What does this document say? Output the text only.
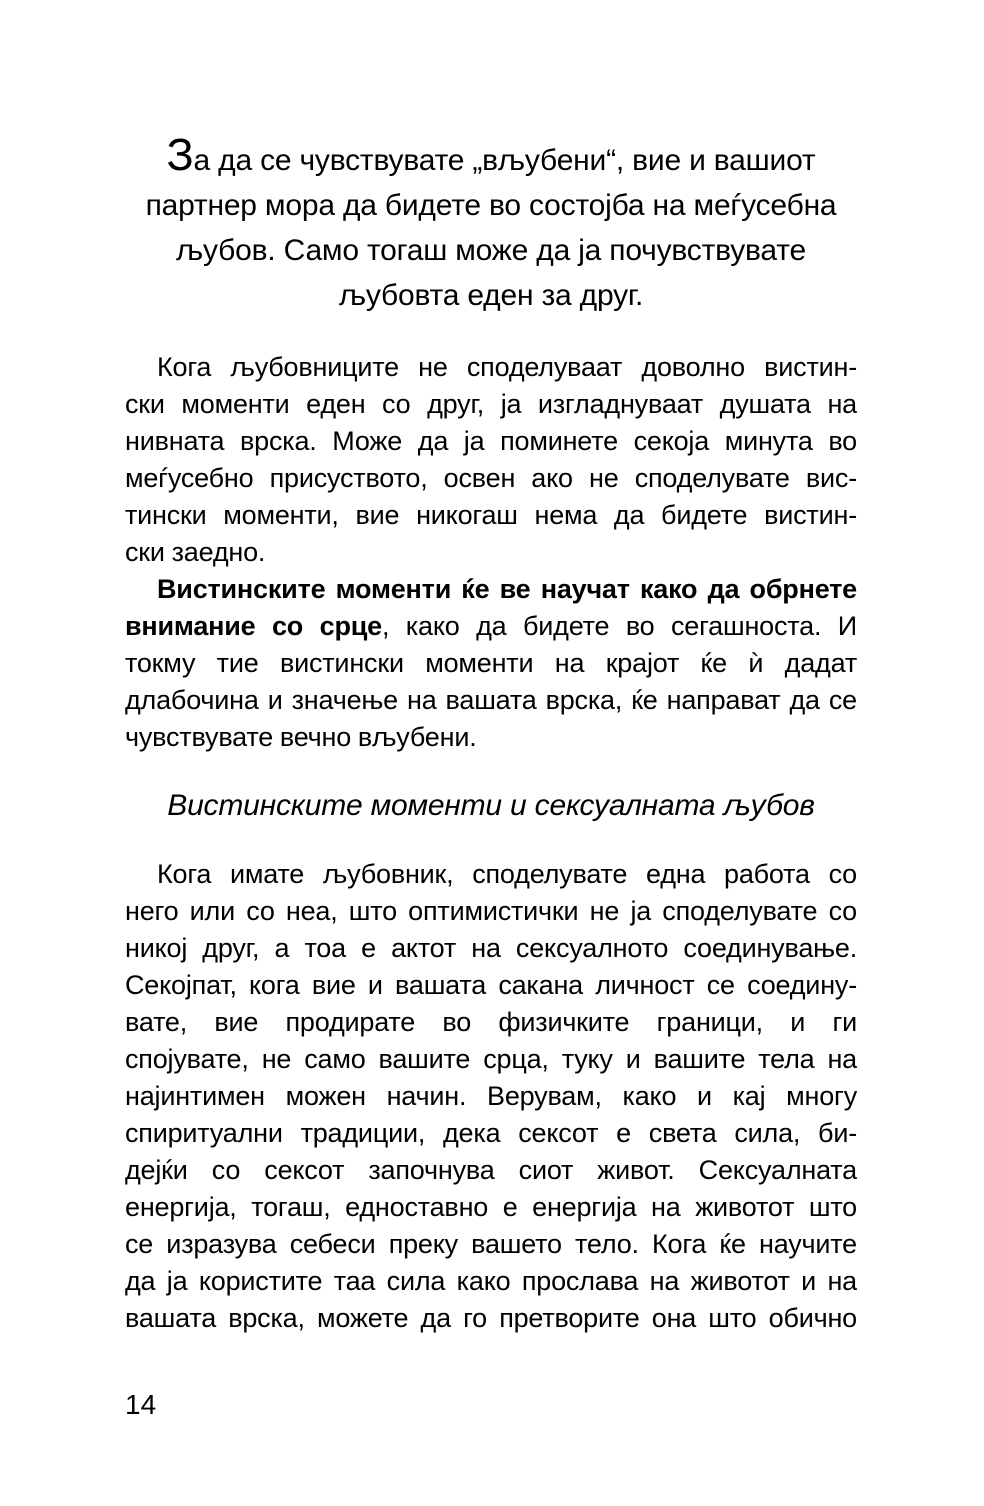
За да се чувствувате „вљубени“, вие и вашиот
партнер мора да бидете во состојба на меѓусебна
љубов. Само тогаш може да ја почувствувате
љубовта еден за друг.
Кога љубовниците не споделуваат доволно вистин-
ски моменти еден со друг, ја изгладнуваат душата на
нивната врска. Може да ја поминете секоја минута во
меѓусебно присуството, освен ако не споделувате вис-
тински моменти, вие никогаш нема да бидете вистин-
ски заедно.
Вистинските моменти ќе ве научат како да обрнете
внимание со срце, како да бидете во сегашноста. И
токму тие вистински моменти на крајот ќе ѝ дадат
длабочина и значење на вашата врска, ќе направат да се
чувствувате вечно вљубени.
Вистинските моменти и сексуалната љубов
Кога имате љубовник, споделувате една работа со
него или со неа, што оптимистички не ја споделувате со
никој друг, а тоа е актот на сексуалното соединување.
Секојпат, кога вие и вашата сакана личност се соедину-
вате, вие продирате во физичките граници, и ги
спојувате, не само вашите срца, туку и вашите тела на
најинтимен можен начин. Верувам, како и кај многу
спиритуални традиции, дека сексот е света сила, би-
дејќи со сексот започнува сиот живот. Сексуалната
енергија, тогаш, едноставно е енергија на животот што
се изразува себеси преку вашето тело. Кога ќе научите
да ја користите таа сила како прослава на животот и на
вашата врска, можете да го претворите она што обично
14
